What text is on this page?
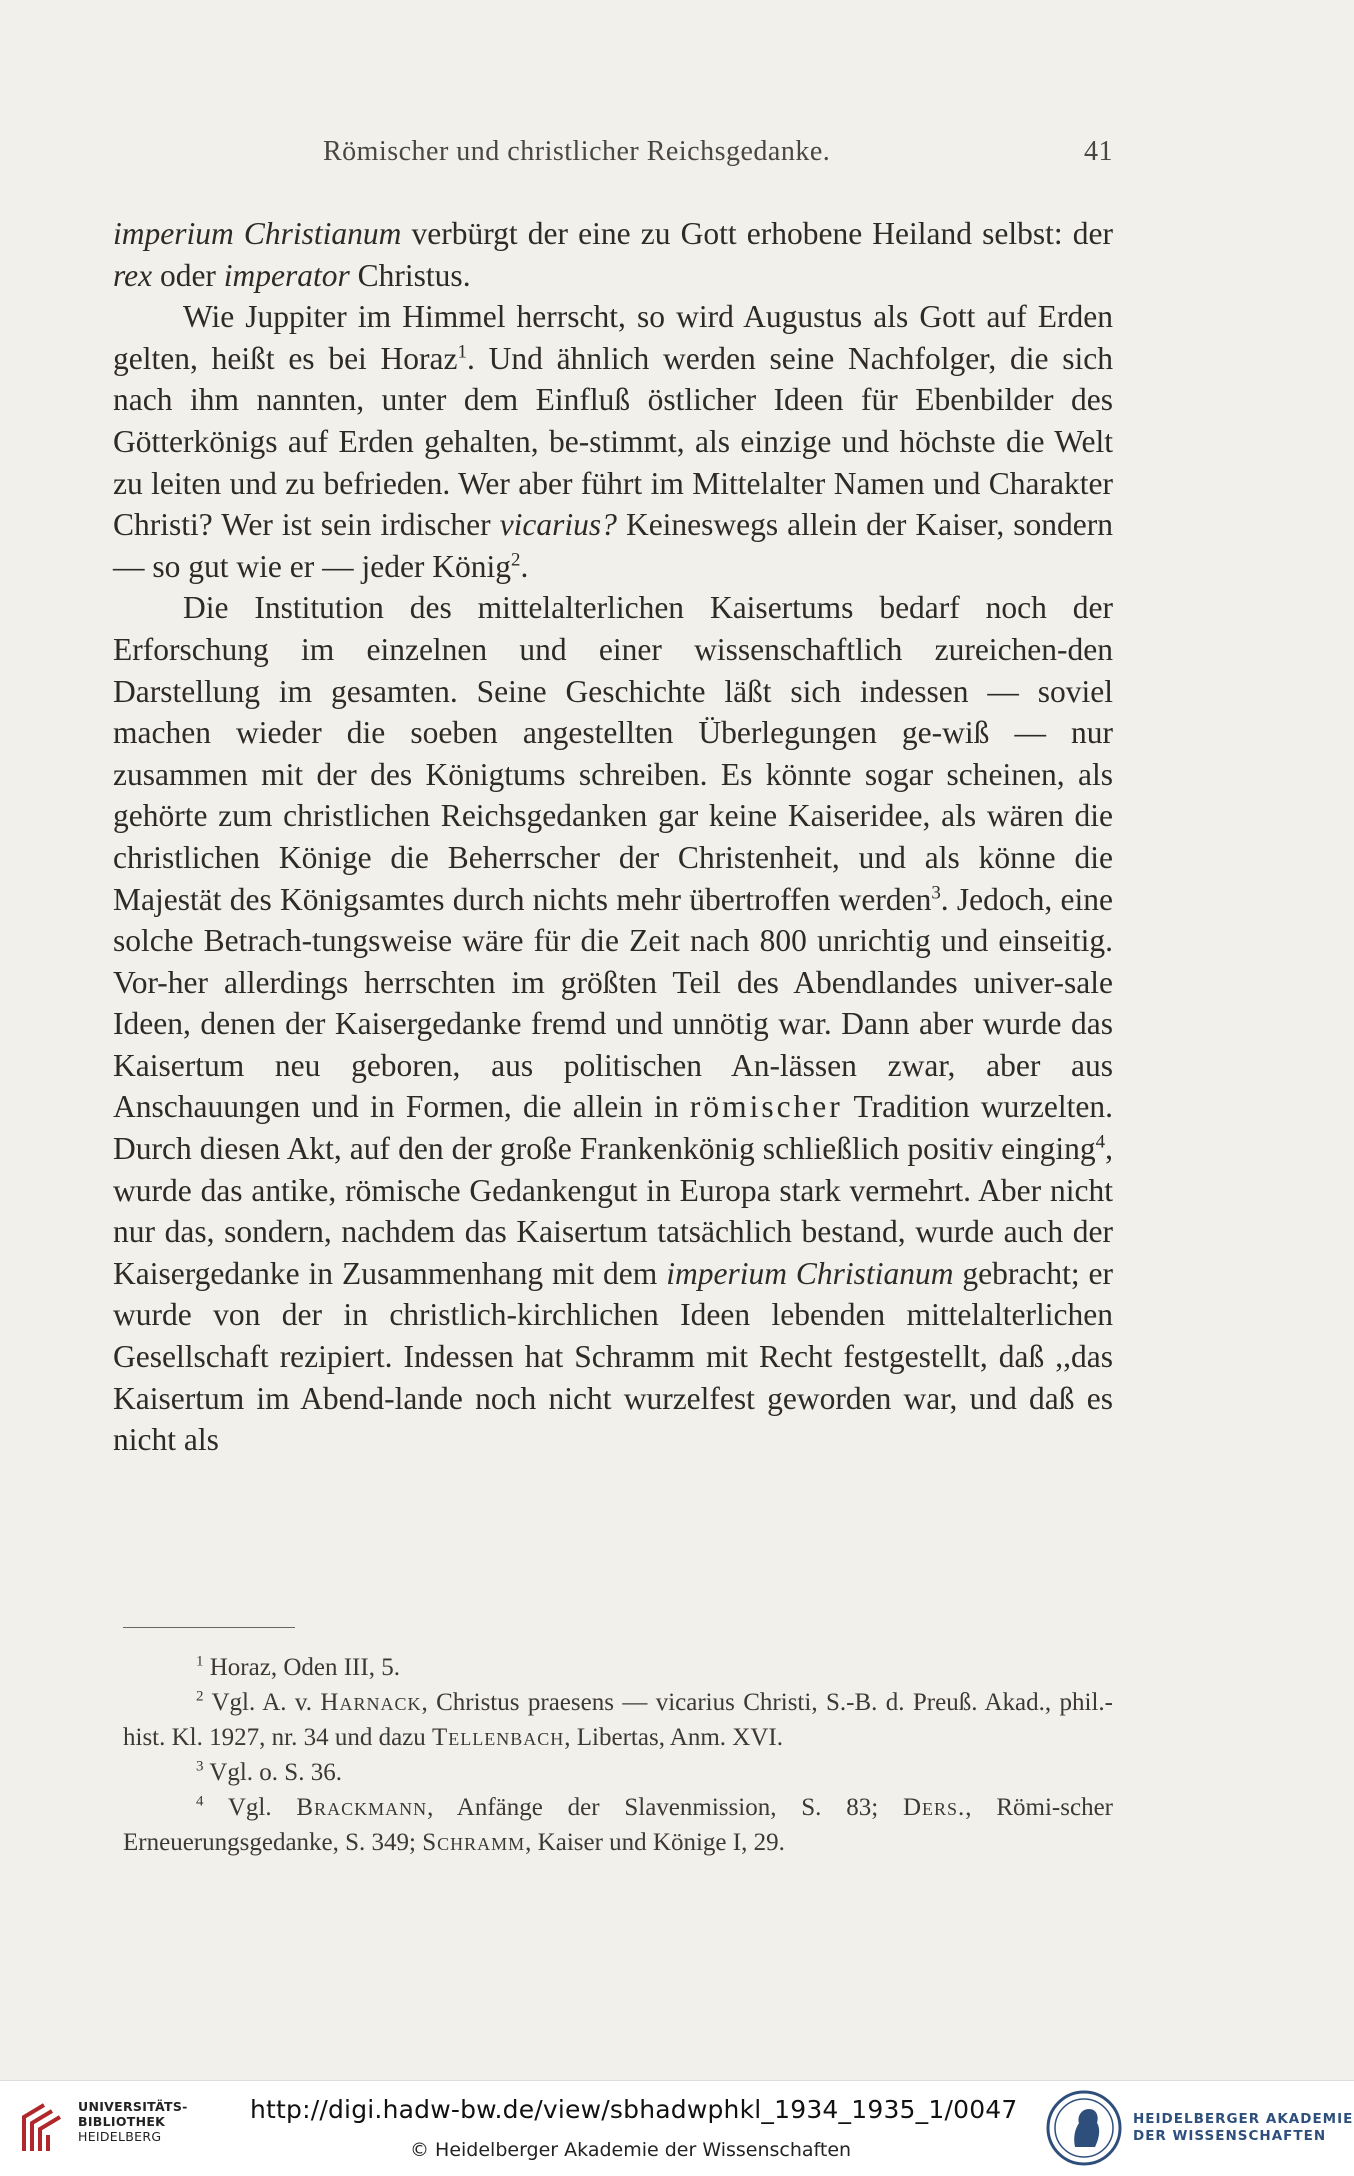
Römischer und christlicher Reichsgedanke.	41

imperium Christianum verbürgt der eine zu Gott erhobene Heiland selbst: der rex oder imperator Christus.

Wie Juppiter im Himmel herrscht, so wird Augustus als Gott auf Erden gelten, heißt es bei Horaz$^1$. Und ähnlich werden seine Nachfolger, die sich nach ihm nannten, unter dem Einfluß östlicher Ideen für Ebenbilder des Götterkönigs auf Erden gehalten, be-stimmt, als einzige und höchste die Welt zu leiten und zu befrieden. Wer aber führt im Mittelalter Namen und Charakter Christi? Wer ist sein irdischer vicarius? Keineswegs allein der Kaiser, sondern — so gut wie er — jeder König$^2$.

Die Institution des mittelalterlichen Kaisertums bedarf noch der Erforschung im einzelnen und einer wissenschaftlich zureichen-den Darstellung im gesamten. Seine Geschichte läßt sich indessen — soviel machen wieder die soeben angestellten Überlegungen ge-wiß — nur zusammen mit der des Königtums schreiben. Es könnte sogar scheinen, als gehörte zum christlichen Reichsgedanken gar keine Kaiseridee, als wären die christlichen Könige die Beherrscher der Christenheit, und als könne die Majestät des Königsamtes durch nichts mehr übertroffen werden$^3$. Jedoch, eine solche Betrach-tungsweise wäre für die Zeit nach 800 unrichtig und einseitig. Vor-her allerdings herrschten im größten Teil des Abendlandes univer-sale Ideen, denen der Kaisergedanke fremd und unnötig war. Dann aber wurde das Kaisertum neu geboren, aus politischen An-lässen zwar, aber aus Anschauungen und in Formen, die allein in römischer Tradition wurzelten. Durch diesen Akt, auf den der große Frankenkönig schließlich positiv einging$^4$, wurde das antike, römische Gedankengut in Europa stark vermehrt. Aber nicht nur das, sondern, nachdem das Kaisertum tatsächlich bestand, wurde auch der Kaisergedanke in Zusammenhang mit dem imperium Christianum gebracht; er wurde von der in christlich-kirchlichen Ideen lebenden mittelalterlichen Gesellschaft rezipiert. Indessen hat Schramm mit Recht festgestellt, daß ,,das Kaisertum im Abend-lande noch nicht wurzelfest geworden war, und daß es nicht als

$^1$ Horaz, Oden III, 5.

$^2$ Vgl. A. v. Harnack, Christus praesens — vicarius Christi, S.-B. d. Preuß. Akad., phil.-hist. Kl. 1927, nr. 34 und dazu Tellenbach, Libertas, Anm. XVI.

$^3$ Vgl. o. S. 36.

$^4$ Vgl. Brackmann, Anfänge der Slavenmission, S. 83; Ders., Römi-scher Erneuerungsgedanke, S. 349; Schramm, Kaiser und Könige I, 29.

UNIVERSITÄTS-
BIBLIOTHEK
HEIDELBERG
http://digi.hadw-bw.de/view/sbhadwphkl_1934_1935_1/0047
© Heidelberger Akademie der Wissenschaften
HEIDELBERGER AKADEMIE
DER WISSENSCHAFTEN
